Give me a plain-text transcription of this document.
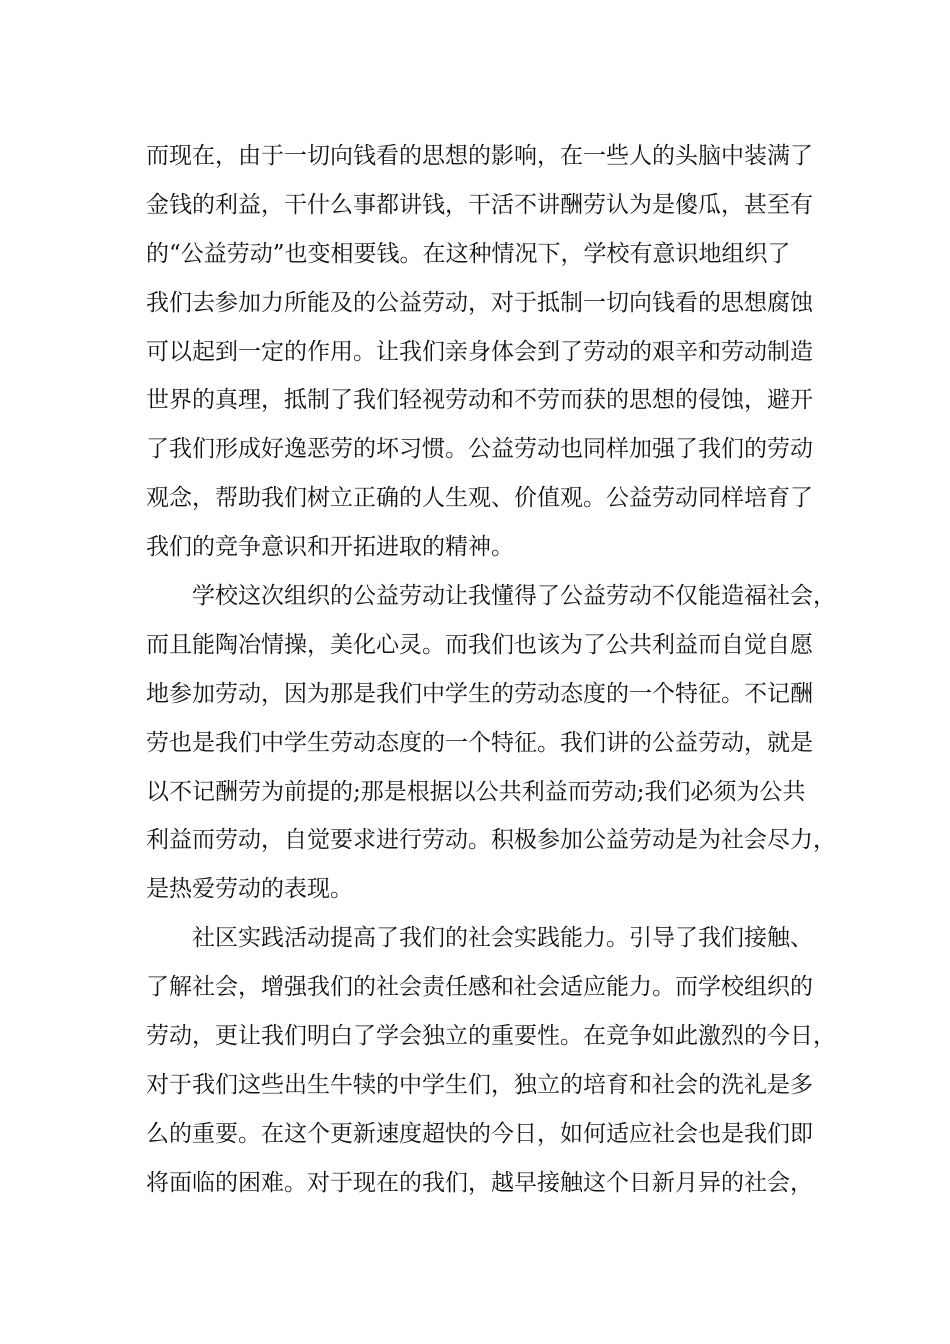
而现在，由于一切向钱看的思想的影响，在一些人的头脑中装满了
金钱的利益，干什么事都讲钱，干活不讲酬劳认为是傻瓜，甚至有
的“公益劳动”也变相要钱。在这种情况下，学校有意识地组织了
我们去参加力所能及的公益劳动，对于抵制一切向钱看的思想腐蚀
可以起到一定的作用。让我们亲身体会到了劳动的艰辛和劳动制造
世界的真理，抵制了我们轻视劳动和不劳而获的思想的侵蚀，避开
了我们形成好逸恶劳的坏习惯。公益劳动也同样加强了我们的劳动
观念，帮助我们树立正确的人生观、价值观。公益劳动同样培育了
我们的竞争意识和开拓进取的精神。
学校这次组织的公益劳动让我懂得了公益劳动不仅能造福社会，
而且能陶冶情操，美化心灵。而我们也该为了公共利益而自觉自愿
地参加劳动，因为那是我们中学生的劳动态度的一个特征。不记酬
劳也是我们中学生劳动态度的一个特征。我们讲的公益劳动，就是
以不记酬劳为前提的;那是根据以公共利益而劳动;我们必须为公共
利益而劳动，自觉要求进行劳动。积极参加公益劳动是为社会尽力，
是热爱劳动的表现。
社区实践活动提高了我们的社会实践能力。引导了我们接触、
了解社会，增强我们的社会责任感和社会适应能力。而学校组织的
劳动，更让我们明白了学会独立的重要性。在竞争如此激烈的今日，
对于我们这些出生牛犊的中学生们，独立的培育和社会的洗礼是多
么的重要。在这个更新速度超快的今日，如何适应社会也是我们即
将面临的困难。对于现在的我们，越早接触这个日新月异的社会，
